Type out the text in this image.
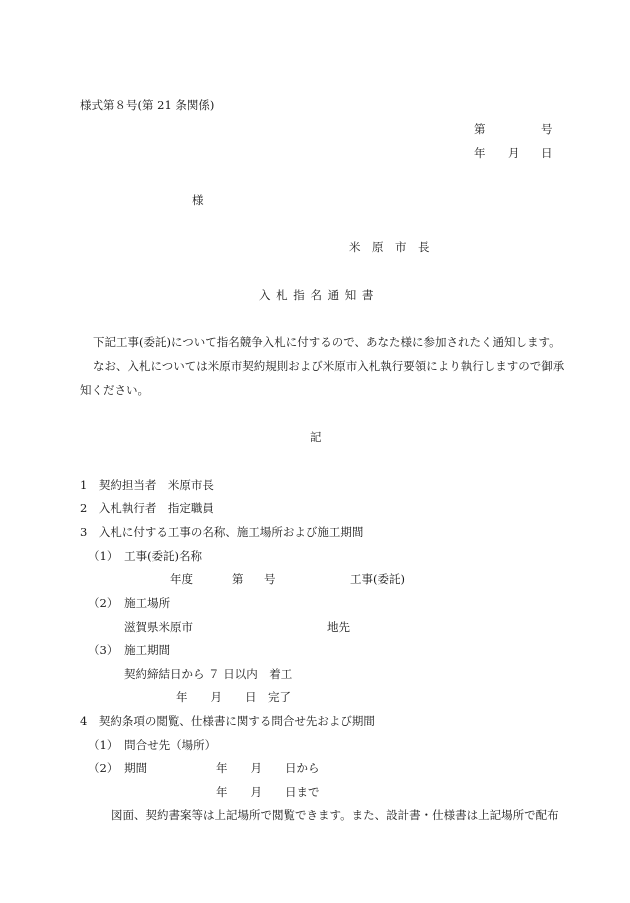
様式第８号(第 21 条関係)
第	号
年 月 日
様
米　原　市　長
入 札 指 名 通 知 書
下記工事(委託)について指名競争入札に付するので、あなた様に参加されたく通知します。
なお、入札については米原市契約規則および米原市入札執行要領により執行しますので御承
知ください。
記
1　契約担当者　米原市長
2　入札執行者　指定職員
3　入札に付する工事の名称、施工場所および施工期間
（1）　工事(委託)名称
年度	第 号	工事(委託)
（2）　施工場所
滋賀県米原市	地先
（3）　施工期間
契約締結日から ７ 日以内　着工
年　　月　　日　完了
4　契約条項の閲覧、仕様書に関する問合せ先および期間
（1）　問合せ先（場所）
（2）　期間	年　　月　　日から
年　　月　　日まで
図面、契約書案等は上記場所で閲覧できます。また、設計書・仕様書は上記場所で配布
